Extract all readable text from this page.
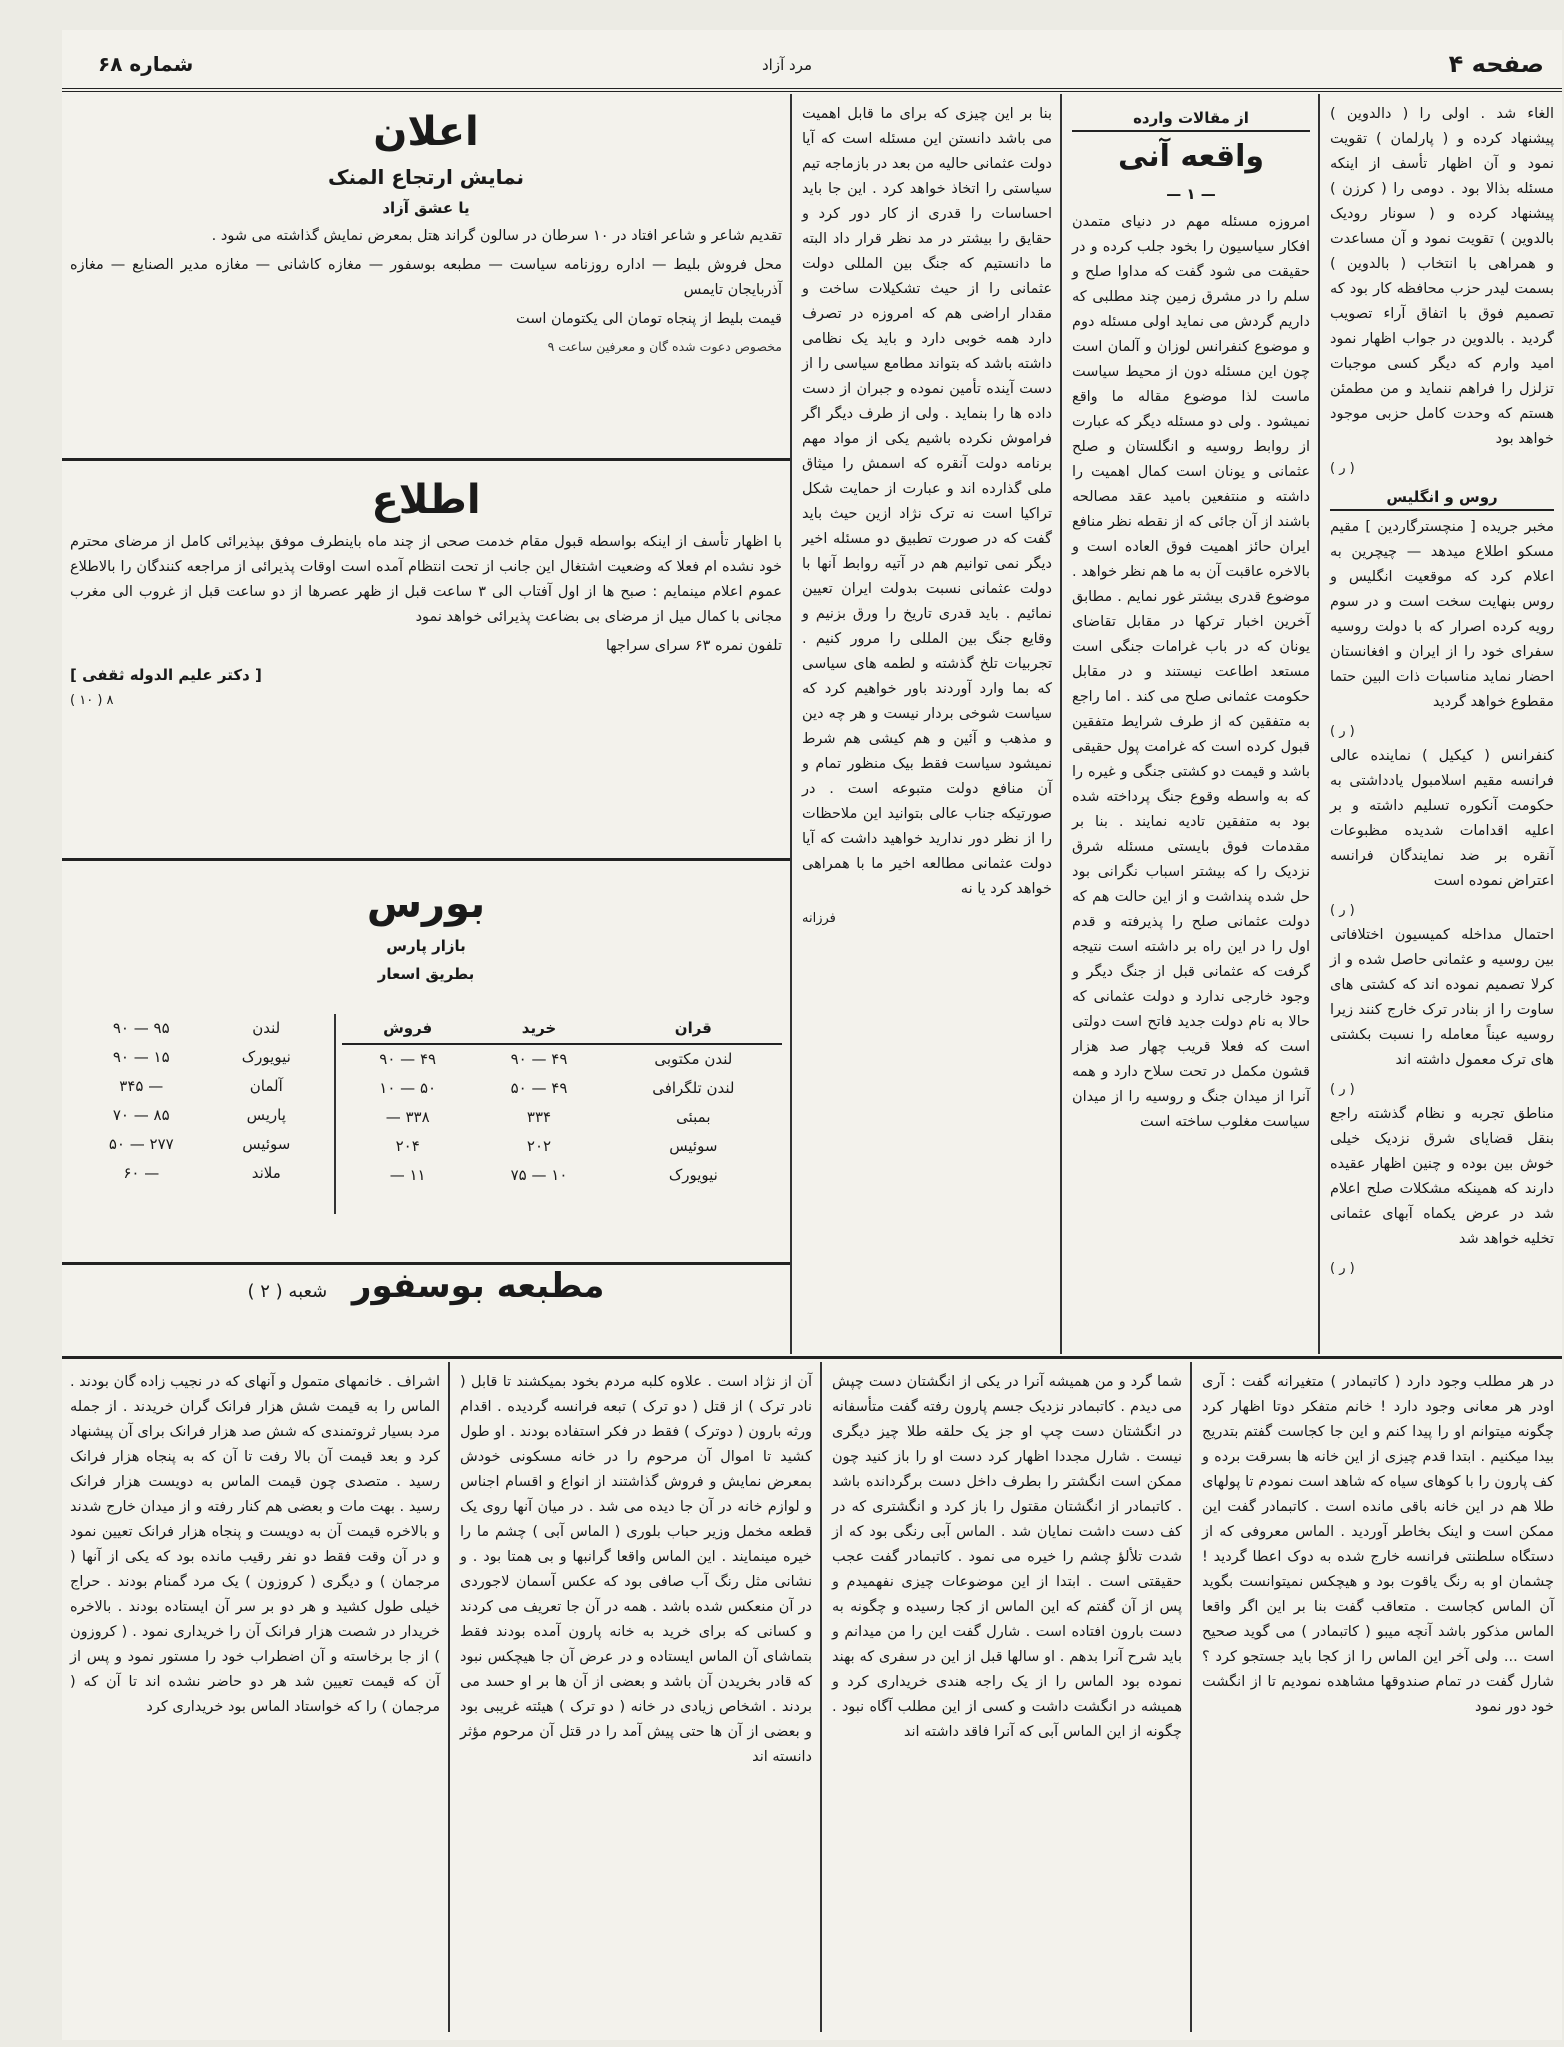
صفحه ۴
مرد آزاد
شماره ۶۸

الغاء شد . اولی را ( دالدوین ) پیشنهاد کرده و ( پارلمان ) تقویت نمود و آن اظهار تأسف از اینکه مسئله بذالا بود . دومی را ( کرزن ) پیشنهاد کرده و ( سونار رودیک بالدوین ) تقویت نمود و آن مساعدت و همراهی با انتخاب ( بالدوین ) بسمت لیدر حزب محافظه کار بود که تصمیم فوق با اتفاق آراء تصویب گردید . بالدوین در جواب اظهار نمود امید وارم که دیگر کسی موجبات تزلزل را فراهم ننماید و من مطمئن هستم که وحدت کامل حزبی موجود خواهد بود

( ر )
روس و انگلیس

مخبر جریده [ منچسترگاردین ] مقیم مسکو اطلاع میدهد — چیچرین به اعلام کرد که موقعیت انگلیس و روس بنهایت سخت است و در سوم رویه کرده اصرار که با دولت روسیه سفرای خود را از ایران و افغانستان احضار نماید مناسبات ذات البین حتما مقطوع خواهد گردید

( ر )

کنفرانس ( کیکیل ) نماینده عالی فرانسه مقیم اسلامبول یادداشتی به حکومت آنکوره تسلیم داشته و بر اعلیه اقدامات شدیده مظبوعات آنقره بر ضد نمایندگان فرانسه اعتراض نموده است

( ر )

احتمال مداخله کمیسیون اختلافاتی بین روسیه و عثمانی حاصل شده و از کرلا تصمیم نموده اند که کشتی های ساوت را از بنادر ترک خارج کنند زیرا روسیه عیناً معامله را نسبت بکشتی های ترک معمول داشته اند

( ر )

مناطق تجربه و نظام گذشته راجع بنقل قضایای شرق نزدیک خیلی خوش بین بوده و چنین اظهار عقیده دارند که همینکه مشکلات صلح اعلام شد در عرض یکماه آبهای عثمانی تخلیه خواهد شد

( ر )
از مقالات وارده
واقعه آنی
— ۱ —

امروزه مسئله مهم در دنیای متمدن افکار سیاسیون را بخود جلب کرده و در حقیقت می شود گفت که مداوا صلح و سلم را در مشرق زمین چند مطلبی که داریم گردش می نماید اولی مسئله دوم و موضوع کنفرانس لوزان و آلمان است چون این مسئله دون از محیط سیاست ماست لذا موضوع مقاله ما واقع نمیشود . ولی دو مسئله دیگر که عبارت از روابط روسیه و انگلستان و صلح عثمانی و یونان است کمال اهمیت را داشته و منتفعین بامید عقد مصالحه باشند از آن جائی که از نقطه نظر منافع ایران حائز اهمیت فوق العاده است و بالاخره عاقبت آن به ما هم نظر خواهد . موضوع قدری بیشتر غور نمایم . مطابق آخرین اخبار ترکها در مقابل تقاضای یونان که در باب غرامات جنگی است مستعد اطاعت نیستند و در مقابل حکومت عثمانی صلح می کند . اما راجع به متفقین که از طرف شرایط متفقین قبول کرده است که غرامت پول حقیقی باشد و قیمت دو کشتی جنگی و غیره را که به واسطه وقوع جنگ پرداخته شده بود به متفقین تادیه نمایند . بنا بر مقدمات فوق بایستی مسئله شرق نزدیک را که بیشتر اسباب نگرانی بود حل شده پنداشت و از این حالت هم که دولت عثمانی صلح را پذیرفته و قدم اول را در این راه بر داشته است نتیجه گرفت که عثمانی قبل از جنگ دیگر و وجود خارجی ندارد و دولت عثمانی که حالا به نام دولت جدید فاتح است دولتی است که فعلا قریب چهار صد هزار قشون مکمل در تحت سلاح دارد و همه آنرا از میدان جنگ و روسیه را از میدان سیاست مغلوب ساخته است

بنا بر این چیزی که برای ما قابل اهمیت می باشد دانستن این مسئله است که آیا دولت عثمانی حالیه من بعد در بازماجه تیم سیاستی را اتخاذ خواهد کرد . این جا باید احساسات را قدری از کار دور کرد و حقایق را بیشتر در مد نظر قرار داد البته ما دانستیم که جنگ بین المللی دولت عثمانی را از حیث تشکیلات ساخت و مقدار اراضی هم که امروزه در تصرف دارد همه خوبی دارد و باید یک نظامی داشته باشد که بتواند مطامع سیاسی را از دست آینده تأمین نموده و جبران از دست داده ها را بنماید . ولی از طرف دیگر اگر فراموش نکرده باشیم یکی از مواد مهم برنامه دولت آنقره که اسمش را میثاق ملی گذارده اند و عبارت از حمایت شکل تراکیا است نه ترک نژاد ازین حیث باید گفت که در صورت تطبیق دو مسئله اخیر دیگر نمی توانیم هم در آتیه روابط آنها با دولت عثمانی نسبت بدولت ایران تعیین نمائیم . باید قدری تاریخ را ورق بزنیم و وقایع جنگ بین المللی را مرور کنیم . تجربیات تلخ گذشته و لطمه های سیاسی که بما وارد آوردند باور خواهیم کرد که سیاست شوخی بردار نیست و هر چه دین و مذهب و آئین و هم کیشی هم شرط نمیشود سیاست فقط بیک منظور تمام و آن منافع دولت متبوعه است . در صورتیکه جناب عالی بتوانید این ملاحظات را از نظر دور ندارید خواهید داشت که آیا دولت عثمانی مطالعه اخیر ما با همراهی خواهد کرد یا نه

فرزانه
اعلان
نمایش ارتجاع المنک
یا عشق آزاد

تقدیم شاعر و شاعر افتاد در ۱۰ سرطان در سالون گراند هتل بمعرض نمایش گذاشته می شود .

محل فروش بلیط — اداره روزنامه سیاست — مطبعه بوسفور — مغازه کاشانی — مغازه مدیر الصنایع — مغازه آذربایجان تایمس

قیمت بلیط از پنجاه تومان الی یکتومان است

مخصوص دعوت شده گان و معرفین ساعت ۹

اطلاع

با اظهار تأسف از اینکه بواسطه قبول مقام خدمت صحی از چند ماه باینطرف موفق بپذیرائی کامل از مرضای محترم خود نشده ام فعلا که وضعیت اشتغال این جانب از تحت انتظام آمده است اوقات پذیرائی از مراجعه کنندگان را بالاطلاع عموم اعلام مینمایم : صبح ها از اول آفتاب الی ۳ ساعت قبل از ظهر عصرها از دو ساعت قبل از غروب الی مغرب مجانی با کمال میل از مرضای بی بضاعت پذیرائی خواهد نمود

تلفون نمره ۶۳ سرای سراجها

[ دکتر علیم الدوله ثقفی ]
۸ ( ۱۰ )
بورس
بازار پارس
بطریق اسعار
قران	خرید	فروش
لندن مکتوبی	۴۹ — ۹۰	۴۹ — ۹۰
لندن تلگرافی	۴۹ — ۵۰	۵۰ — ۱۰
بمبئی	۳۳۴	۳۳۸ —
سوئیس	۲۰۲	۲۰۴
نیویورک	۱۰ — ۷۵	۱۱ —
لندن	۹۵ — ۹۰
نیویورک	۱۵ — ۹۰
آلمان	— ۳۴۵
پاریس	۸۵ — ۷۰
سوئیس	۲۷۷ — ۵۰
ملاند	— ۶۰
مطبعه بوسفور شعبه ( ۲ )

در هر مطلب وجود دارد ( کاتبمادر ) متغیرانه گفت : آری اودر هر معانی وجود دارد ! خانم متفکر دوتا اظهار کرد چگونه میتوانم او را پیدا کنم و این جا کجاست گفتم بتدریج بیدا میکنیم . ابتدا قدم چیزی از این خانه ها بسرقت برده و کف پارون را با کوهای سیاه که شاهد است نمودم تا پولهای طلا هم در این خانه باقی مانده است . کاتبمادر گفت این ممکن است و اینک بخاطر آوردید . الماس معروفی که از دستگاه سلطنتی فرانسه خارج شده به دوک اعطا گردید ! چشمان او به رنگ یاقوت بود و هیچکس نمیتوانست بگوید آن الماس کجاست . متعاقب گفت بنا بر این اگر واقعا الماس مذکور باشد آنچه میبو ( کاتبمادر ) می گوید صحیح است ... ولی آخر این الماس را از کجا باید جستجو کرد ؟ شارل گفت در تمام صندوقها مشاهده نمودیم تا از انگشت خود دور نمود

شما گرد و من همیشه آنرا در یکی از انگشتان دست چپش می دیدم . کاتبمادر نزدیک جسم پارون رفته گفت متأسفانه در انگشتان دست چپ او جز یک حلقه طلا چیز دیگری نیست . شارل مجددا اظهار کرد دست او را باز کنید چون ممکن است انگشتر را بطرف داخل دست برگردانده باشد . کاتبمادر از انگشتان مقتول را باز کرد و انگشتری که در کف دست داشت نمایان شد . الماس آبی رنگی بود که از شدت تلألؤ چشم را خیره می نمود . کاتبمادر گفت عجب حقیقتی است . ابتدا از این موضوعات چیزی نفهمیدم و پس از آن گفتم که این الماس از کجا رسیده و چگونه به دست بارون افتاده است . شارل گفت این را من میدانم و باید شرح آنرا بدهم . او سالها قبل از این در سفری که بهند نموده بود الماس را از یک راجه هندی خریداری کرد و همیشه در انگشت داشت و کسی از این مطلب آگاه نبود . چگونه از این الماس آبی که آنرا فاقد داشته اند

آن از نژاد است . علاوه کلبه مردم بخود بمیکشند تا قابل ( نادر ترک ) از قتل ( دو ترک ) تبعه فرانسه گردیده . اقدام ورثه بارون ( دوترک ) فقط در فکر استفاده بودند . او طول کشید تا اموال آن مرحوم را در خانه مسکونی خودش بمعرض نمایش و فروش گذاشتند از انواع و اقسام اجناس و لوازم خانه در آن جا دیده می شد . در میان آنها روی یک قطعه مخمل وزیر حباب بلوری ( الماس آبی ) چشم ما را خیره مینمایند . این الماس واقعا گرانبها و بی همتا بود . و نشانی مثل رنگ آب صافی بود که عکس آسمان لاجوردی در آن منعکس شده باشد . همه در آن جا تعریف می کردند و کسانی که برای خرید به خانه پارون آمده بودند فقط بتماشای آن الماس ایستاده و در عرض آن جا هیچکس نبود که قادر بخریدن آن باشد و بعضی از آن ها بر او حسد می بردند . اشخاص زیادی در خانه ( دو ترک ) هیئته غریبی بود و بعضی از آن ها حتی پیش آمد را در قتل آن مرحوم مؤثر دانسته اند

اشراف . خانمهای متمول و آنهای که در نجیب زاده گان بودند . الماس را به قیمت شش هزار فرانک گران خریدند . از جمله مرد بسیار ثروتمندی که شش صد هزار فرانک برای آن پیشنهاد کرد و بعد قیمت آن بالا رفت تا آن که به پنجاه هزار فرانک رسید . متصدی چون قیمت الماس به دویست هزار فرانک رسید . بهت مات و بعضی هم کنار رفته و از میدان خارج شدند و بالاخره قیمت آن به دویست و پنجاه هزار فرانک تعیین نمود و در آن وقت فقط دو نفر رقیب مانده بود که یکی از آنها ( مرجمان ) و دیگری ( کروزون ) یک مرد گمنام بودند . حراج خیلی طول کشید و هر دو بر سر آن ایستاده بودند . بالاخره خریدار در شصت هزار فرانک آن را خریداری نمود . ( کروزون ) از جا برخاسته و آن اضطراب خود را مستور نمود و پس از آن که قیمت تعیین شد هر دو حاضر نشده اند تا آن که ( مرجمان ) را که خواستاد الماس بود خریداری کرد
